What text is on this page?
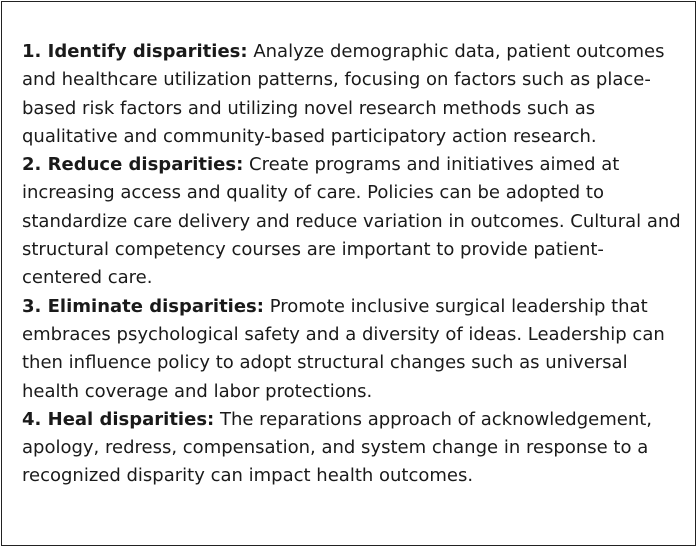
1. Identify disparities: Analyze demographic data, patient outcomes and healthcare utilization patterns, focusing on factors such as place-based risk factors and utilizing novel research methods such as qualitative and community-based participatory action research.

2. Reduce disparities: Create programs and initiatives aimed at increasing access and quality of care. Policies can be adopted to standardize care delivery and reduce variation in outcomes. Cultural and structural competency courses are important to provide patient-centered care.

3. Eliminate disparities: Promote inclusive surgical leadership that embraces psychological safety and a diversity of ideas. Leadership can then influence policy to adopt structural changes such as universal health coverage and labor protections.

4. Heal disparities: The reparations approach of acknowledgement, apology, redress, compensation, and system change in response to a recognized disparity can impact health outcomes.
